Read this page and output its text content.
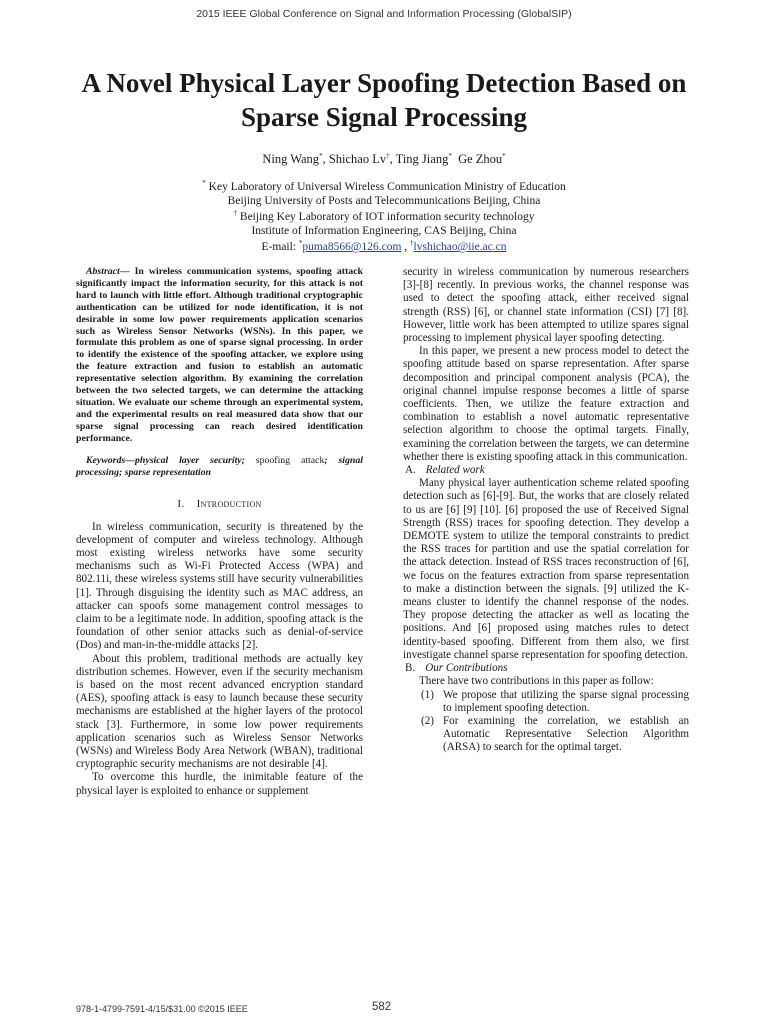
2015 IEEE Global Conference on Signal and Information Processing (GlobalSIP)
A Novel Physical Layer Spoofing Detection Based on Sparse Signal Processing
Ning Wang*, Shichao Lv†, Ting Jiang* Ge Zhou*
* Key Laboratory of Universal Wireless Communication Ministry of Education
Beijing University of Posts and Telecommunications Beijing, China
† Beijing Key Laboratory of IOT information security technology
Institute of Information Engineering, CAS Beijing, China
E-mail: *puma8566@126.com , †lvshichao@iie.ac.cn

Abstract— In wireless communication systems, spoofing attack significantly impact the information security, for this attack is not hard to launch with little effort. Although traditional cryptographic authentication can be utilized for node identification, it is not desirable in some low power requirements application scenarios such as Wireless Sensor Networks (WSNs). In this paper, we formulate this problem as one of sparse signal processing. In order to identify the existence of the spoofing attacker, we explore using the feature extraction and fusion to establish an automatic representative selection algorithm. By examining the correlation between the two selected targets, we can determine the attacking situation. We evaluate our scheme through an experimental system, and the experimental results on real measured data show that our sparse signal processing can reach desired identification performance.

Keywords—physical layer security; spoofing attack; signal processing; sparse representation

I. Introduction

In wireless communication, security is threatened by the development of computer and wireless technology. Although most existing wireless networks have some security mechanisms such as Wi-Fi Protected Access (WPA) and 802.11i, these wireless systems still have security vulnerabilities [1]. Through disguising the identity such as MAC address, an attacker can spoofs some management control messages to claim to be a legitimate node. In addition, spoofing attack is the foundation of other senior attacks such as denial-of-service (Dos) and man-in-the-middle attacks [2].

About this problem, traditional methods are actually key distribution schemes. However, even if the security mechanism is based on the most recent advanced encryption standard (AES), spoofing attack is easy to launch because these security mechanisms are established at the higher layers of the protocol stack [3]. Furthermore, in some low power requirements application scenarios such as Wireless Sensor Networks (WSNs) and Wireless Body Area Network (WBAN), traditional cryptographic security mechanisms are not desirable [4].

To overcome this hurdle, the inimitable feature of the physical layer is exploited to enhance or supplement

security in wireless communication by numerous researchers [3]-[8] recently. In previous works, the channel response was used to detect the spoofing attack, either received signal strength (RSS) [6], or channel state information (CSI) [7] [8]. However, little work has been attempted to utilize spares signal processing to implement physical layer spoofing detecting.

In this paper, we present a new process model to detect the spoofing attitude based on sparse representation. After sparse decomposition and principal component analysis (PCA), the original channel impulse response becomes a little of sparse coefficients. Then, we utilize the feature extraction and combination to establish a novel automatic representative selection algorithm to choose the optimal targets. Finally, examining the correlation between the targets, we can determine whether there is existing spoofing attack in this communication.

A. Related work

Many physical layer authentication scheme related spoofing detection such as [6]-[9]. But, the works that are closely related to us are [6] [9] [10]. [6] proposed the use of Received Signal Strength (RSS) traces for spoofing detection. They develop a DEMOTE system to utilize the temporal constraints to predict the RSS traces for partition and use the spatial correlation for the attack detection. Instead of RSS traces reconstruction of [6], we focus on the features extraction from sparse representation to make a distinction between the signals. [9] utilized the K-means cluster to identify the channel response of the nodes. They propose detecting the attacker as well as locating the positions. And [6] proposed using matches rules to detect identity-based spoofing. Different from them also, we first investigate channel sparse representation for spoofing detection.

B. Our Contributions

There have two contributions in this paper as follow:

(1) We propose that utilizing the sparse signal processing to implement spoofing detection.
(2) For examining the correlation, we establish an Automatic Representative Selection Algorithm (ARSA) to search for the optimal target.
978-1-4799-7591-4/15/$31.00 ©2015 IEEE	582
